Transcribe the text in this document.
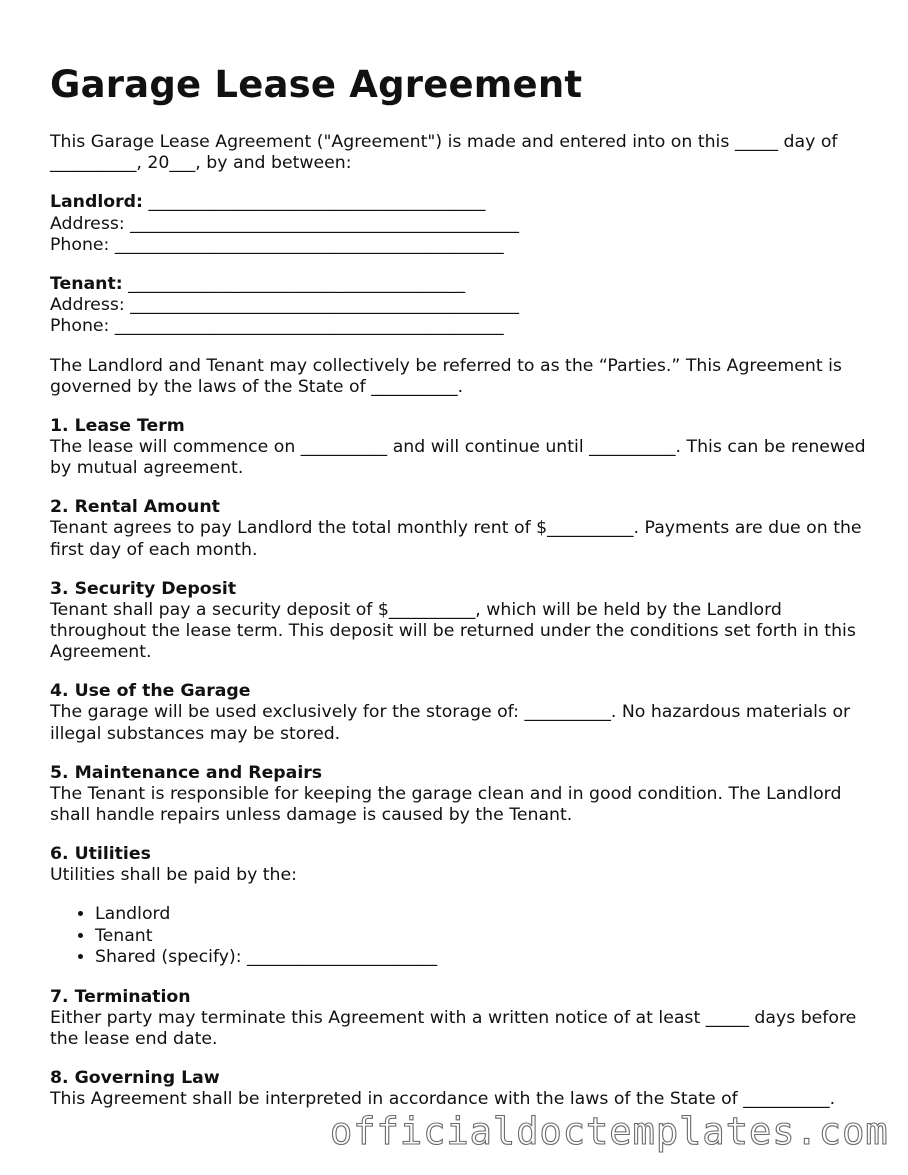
Garage Lease Agreement

This Garage Lease Agreement ("Agreement") is made and entered into on this _____ day of __________, 20___, by and between:

Landlord: _______________________________________
Address: _____________________________________________
Phone: _____________________________________________
Tenant: _______________________________________
Address: _____________________________________________
Phone: _____________________________________________

The Landlord and Tenant may collectively be referred to as the “Parties.” This Agreement is governed by the laws of the State of __________.

1. Lease Term

The lease will commence on __________ and will continue until __________. This can be renewed by mutual agreement.

2. Rental Amount

Tenant agrees to pay Landlord the total monthly rent of $__________. Payments are due on the first day of each month.

3. Security Deposit

Tenant shall pay a security deposit of $__________, which will be held by the Landlord throughout the lease term. This deposit will be returned under the conditions set forth in this Agreement.

4. Use of the Garage

The garage will be used exclusively for the storage of: __________. No hazardous materials or illegal substances may be stored.

5. Maintenance and Repairs

The Tenant is responsible for keeping the garage clean and in good condition. The Landlord shall handle repairs unless damage is caused by the Tenant.

6. Utilities

Utilities shall be paid by the:

• Landlord
• Tenant
• Shared (specify): ______________________
7. Termination

Either party may terminate this Agreement with a written notice of at least _____ days before the lease end date.

8. Governing Law

This Agreement shall be interpreted in accordance with the laws of the State of __________.

officialdoctemplates.com
